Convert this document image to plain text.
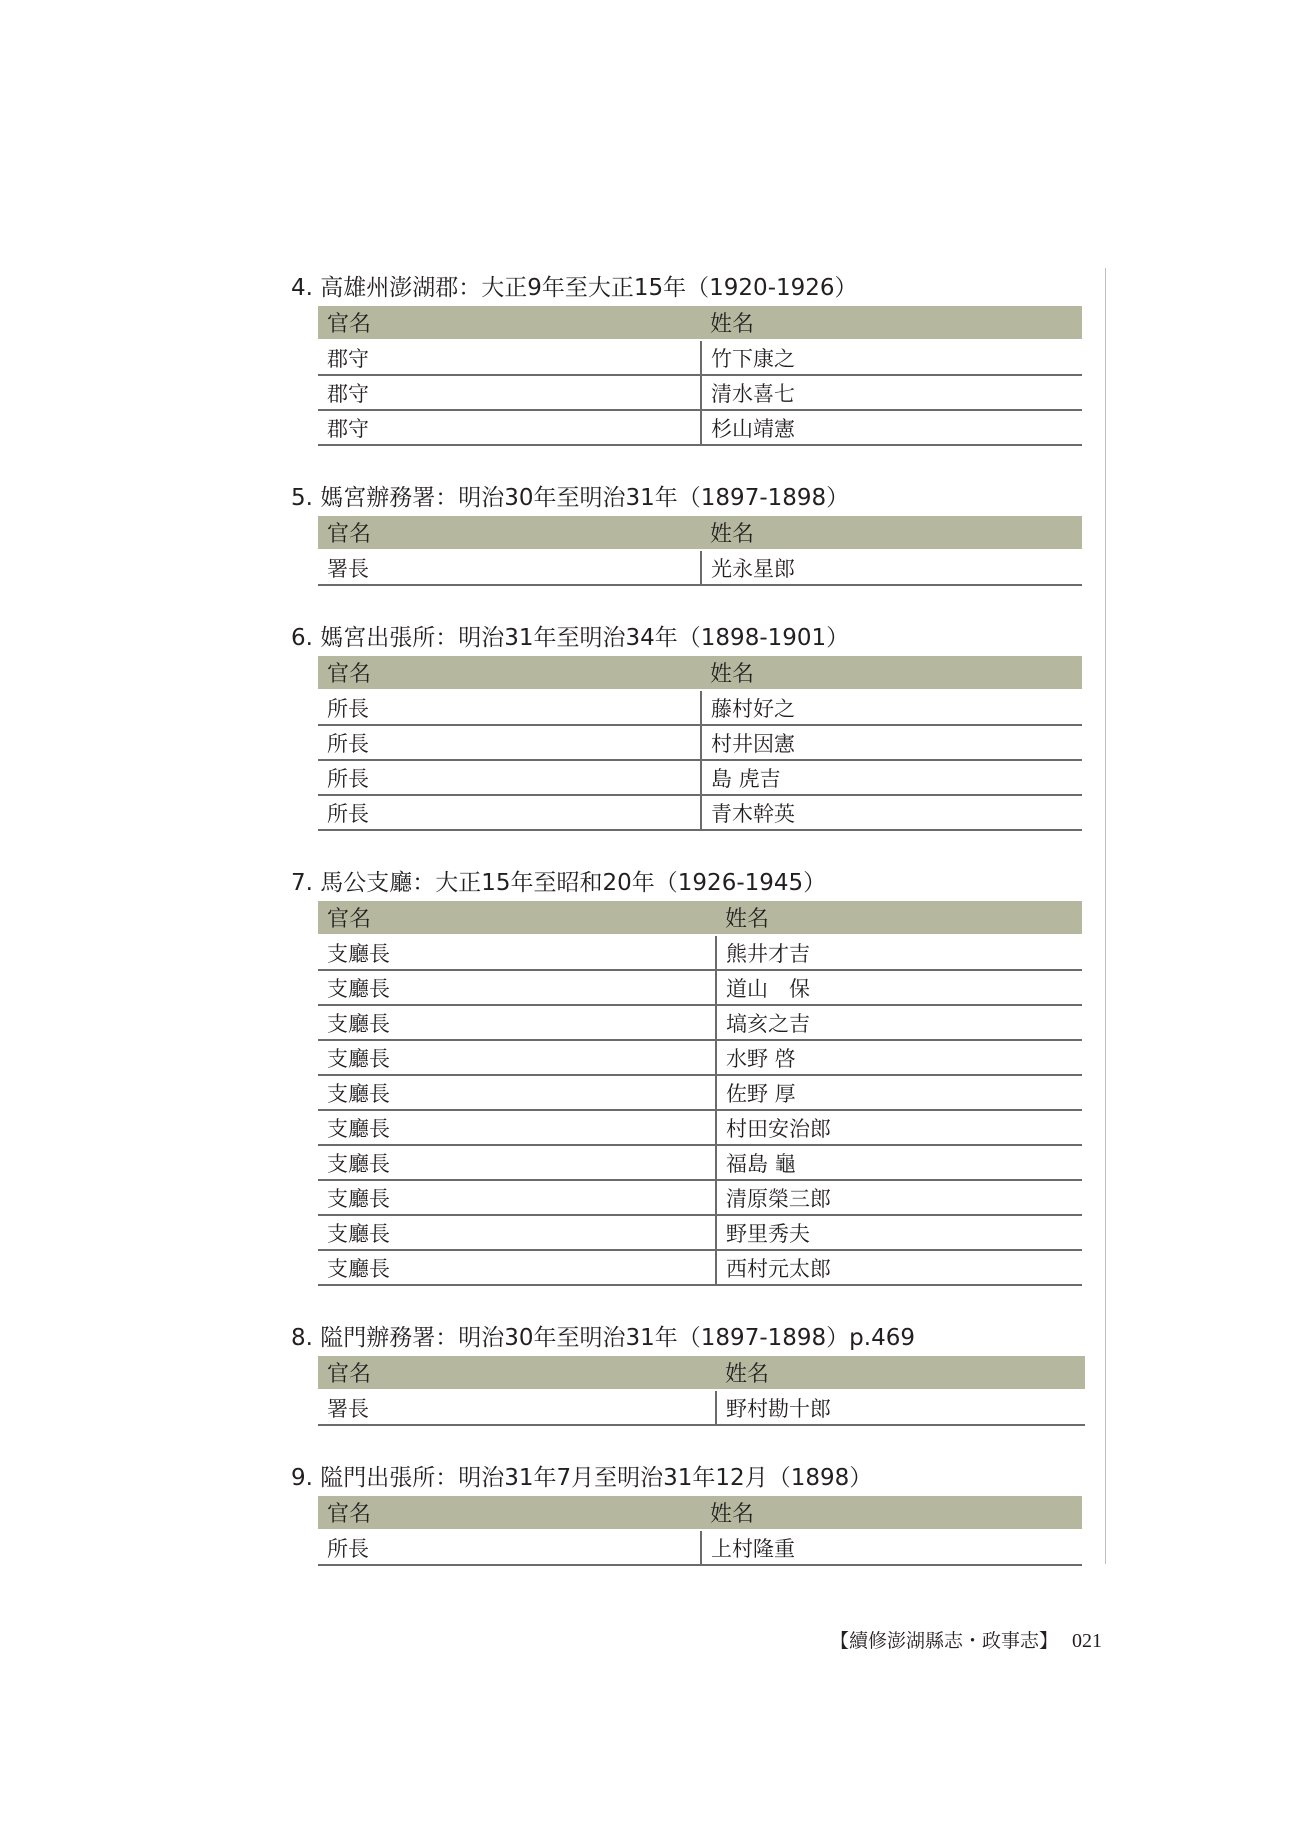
4. 高雄州澎湖郡：大正9年至大正15年（1920-1926）
官名	姓名
郡守	竹下康之
郡守	清水喜七
郡守	杉山靖憲
5. 媽宮辦務署：明治30年至明治31年（1897-1898）
官名	姓名
署長	光永星郎
6. 媽宮出張所：明治31年至明治34年（1898-1901）
官名	姓名
所長	藤村好之
所長	村井因憲
所長	島 虎吉
所長	青木幹英
7. 馬公支廳：大正15年至昭和20年（1926-1945）
官名	姓名
支廳長	熊井才吉
支廳長	道山　保
支廳長	塙亥之吉
支廳長	水野 啓
支廳長	佐野 厚
支廳長	村田安治郎
支廳長	福島 龜
支廳長	清原榮三郎
支廳長	野里秀夫
支廳長	西村元太郎
8. 隘門辦務署：明治30年至明治31年（1897-1898）p.469
官名	姓名
署長	野村勘十郎
9. 隘門出張所：明治31年7月至明治31年12月（1898）
官名	姓名
所長	上村隆重
【續修澎湖縣志・政事志】 021
